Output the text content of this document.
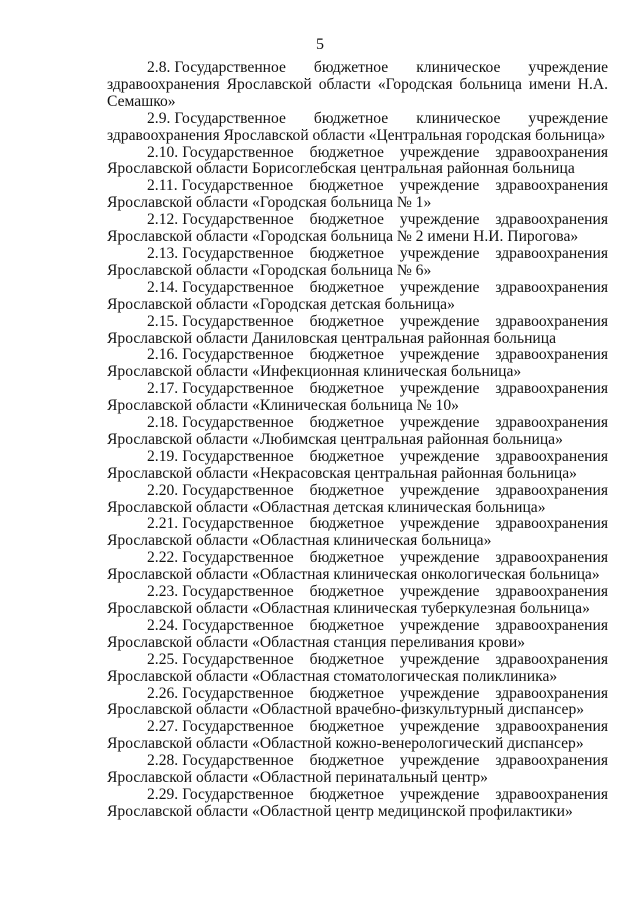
5

2.8. Государственное бюджетное клиническое учреждение здравоохранения Ярославской области «Городская больница имени Н.А. Семашко»

2.9. Государственное бюджетное клиническое учреждение здравоохранения Ярославской области «Центральная городская больница»

2.10. Государственное бюджетное учреждение здравоохранения Ярославской области Борисоглебская центральная районная больница

2.11. Государственное бюджетное учреждение здравоохранения Ярославской области «Городская больница № 1»

2.12. Государственное бюджетное учреждение здравоохранения Ярославской области «Городская больница № 2 имени Н.И. Пирогова»

2.13. Государственное бюджетное учреждение здравоохранения Ярославской области «Городская больница № 6»

2.14. Государственное бюджетное учреждение здравоохранения Ярославской области «Городская детская больница»

2.15. Государственное бюджетное учреждение здравоохранения Ярославской области Даниловская центральная районная больница

2.16. Государственное бюджетное учреждение здравоохранения Ярославской области «Инфекционная клиническая больница»

2.17. Государственное бюджетное учреждение здравоохранения Ярославской области «Клиническая больница № 10»

2.18. Государственное бюджетное учреждение здравоохранения Ярославской области «Любимская центральная районная больница»

2.19. Государственное бюджетное учреждение здравоохранения Ярославской области «Некрасовская центральная районная больница»

2.20. Государственное бюджетное учреждение здравоохранения Ярославской области «Областная детская клиническая больница»

2.21. Государственное бюджетное учреждение здравоохранения Ярославской области «Областная клиническая больница»

2.22. Государственное бюджетное учреждение здравоохранения Ярославской области «Областная клиническая онкологическая больница»

2.23. Государственное бюджетное учреждение здравоохранения Ярославской области «Областная клиническая туберкулезная больница»

2.24. Государственное бюджетное учреждение здравоохранения Ярославской области «Областная станция переливания крови»

2.25. Государственное бюджетное учреждение здравоохранения Ярославской области «Областная стоматологическая поликлиника»

2.26. Государственное бюджетное учреждение здравоохранения Ярославской области «Областной врачебно-физкультурный диспансер»

2.27. Государственное бюджетное учреждение здравоохранения Ярославской области «Областной кожно-венерологический диспансер»

2.28. Государственное бюджетное учреждение здравоохранения Ярославской области «Областной перинатальный центр»

2.29. Государственное бюджетное учреждение здравоохранения Ярославской области «Областной центр медицинской профилактики»
